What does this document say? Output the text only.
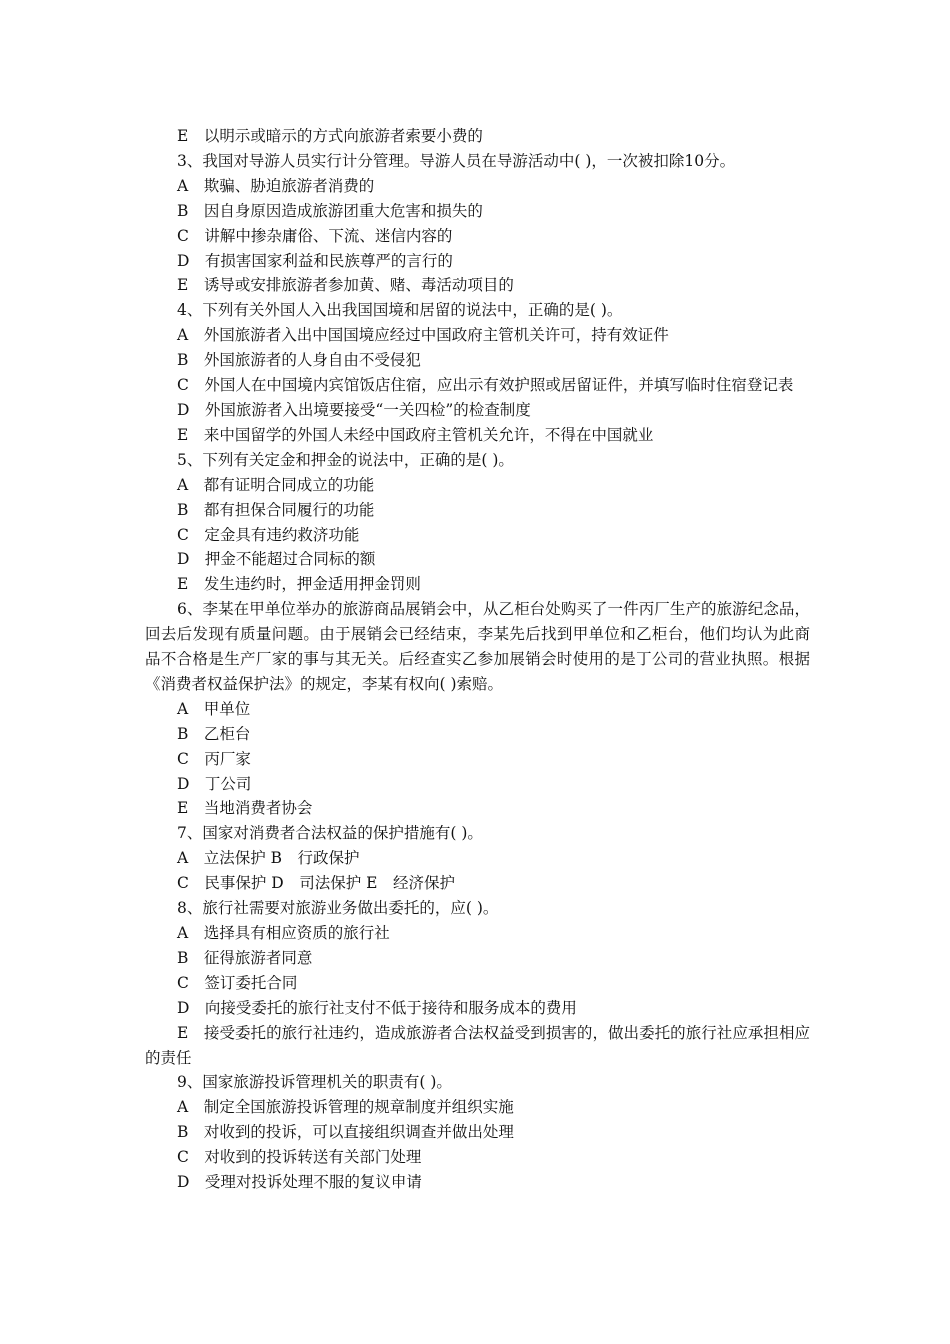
E　以明示或暗示的方式向旅游者索要小费的
3、我国对导游人员实行计分管理。导游人员在导游活动中( )，一次被扣除10分。
A　欺骗、胁迫旅游者消费的
B　因自身原因造成旅游团重大危害和损失的
C　讲解中掺杂庸俗、下流、迷信内容的
D　有损害国家利益和民族尊严的言行的
E　诱导或安排旅游者参加黄、赌、毒活动项目的
4、下列有关外国人入出我国国境和居留的说法中，正确的是( )。
A　外国旅游者入出中国国境应经过中国政府主管机关许可，持有效证件
B　外国旅游者的人身自由不受侵犯
C　外国人在中国境内宾馆饭店住宿，应出示有效护照或居留证件，并填写临时住宿登记表
D　外国旅游者入出境要接受“一关四检”的检查制度
E　来中国留学的外国人未经中国政府主管机关允许，不得在中国就业
5、下列有关定金和押金的说法中，正确的是( )。
A　都有证明合同成立的功能
B　都有担保合同履行的功能
C　定金具有违约救济功能
D　押金不能超过合同标的额
E　发生违约时，押金适用押金罚则
6、李某在甲单位举办的旅游商品展销会中，从乙柜台处购买了一件丙厂生产的旅游纪念品，回去后发现有质量问题。由于展销会已经结束，李某先后找到甲单位和乙柜台，他们均认为此商品不合格是生产厂家的事与其无关。后经查实乙参加展销会时使用的是丁公司的营业执照。根据《消费者权益保护法》的规定，李某有权向( )索赔。
A　甲单位
B　乙柜台
C　丙厂家
D　丁公司
E　当地消费者协会
7、国家对消费者合法权益的保护措施有( )。
A　立法保护 B　行政保护
C　民事保护 D　司法保护 E　经济保护
8、旅行社需要对旅游业务做出委托的，应( )。
A　选择具有相应资质的旅行社
B　征得旅游者同意
C　签订委托合同
D　向接受委托的旅行社支付不低于接待和服务成本的费用
E　接受委托的旅行社违约，造成旅游者合法权益受到损害的，做出委托的旅行社应承担相应的责任
9、国家旅游投诉管理机关的职责有( )。
A　制定全国旅游投诉管理的规章制度并组织实施
B　对收到的投诉，可以直接组织调查并做出处理
C　对收到的投诉转送有关部门处理
D　受理对投诉处理不服的复议申请
